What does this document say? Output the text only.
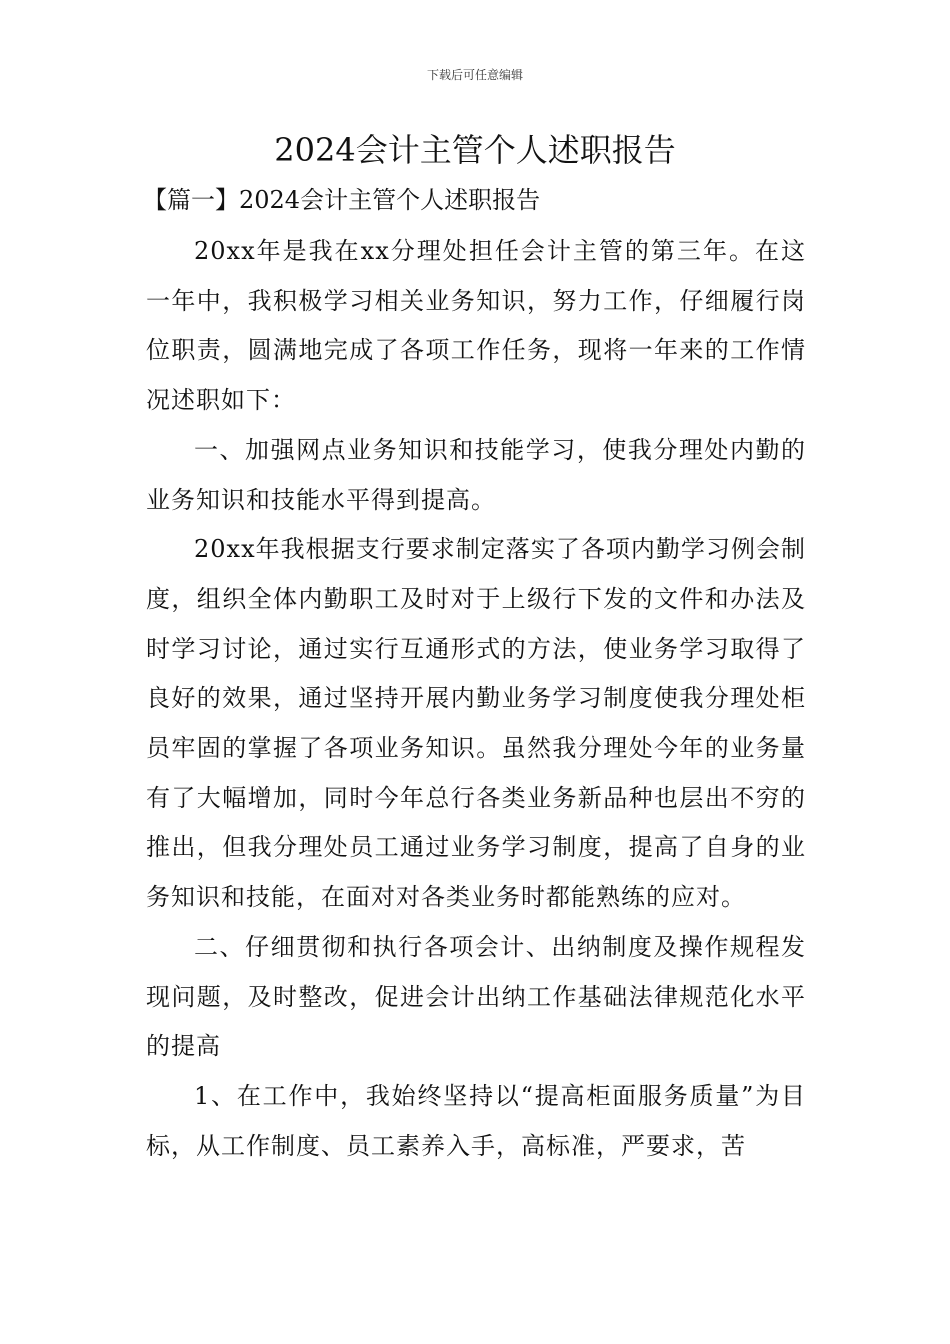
下载后可任意编辑
2024会计主管个人述职报告
【篇一】2024会计主管个人述职报告

20xx年是我在xx分理处担任会计主管的第三年。在这一年中，我积极学习相关业务知识，努力工作，仔细履行岗位职责，圆满地完成了各项工作任务，现将一年来的工作情况述职如下：

一、加强网点业务知识和技能学习，使我分理处内勤的业务知识和技能水平得到提高。

20xx年我根据支行要求制定落实了各项内勤学习例会制度，组织全体内勤职工及时对于上级行下发的文件和办法及时学习讨论，通过实行互通形式的方法，使业务学习取得了良好的效果，通过坚持开展内勤业务学习制度使我分理处柜员牢固的掌握了各项业务知识。虽然我分理处今年的业务量有了大幅增加，同时今年总行各类业务新品种也层出不穷的推出，但我分理处员工通过业务学习制度，提高了自身的业务知识和技能，在面对对各类业务时都能熟练的应对。

二、仔细贯彻和执行各项会计、出纳制度及操作规程发现问题，及时整改，促进会计出纳工作基础法律规范化水平的提高

1、在工作中，我始终坚持以“提高柜面服务质量”为目标，从工作制度、员工素养入手，高标准，严要求，苦
